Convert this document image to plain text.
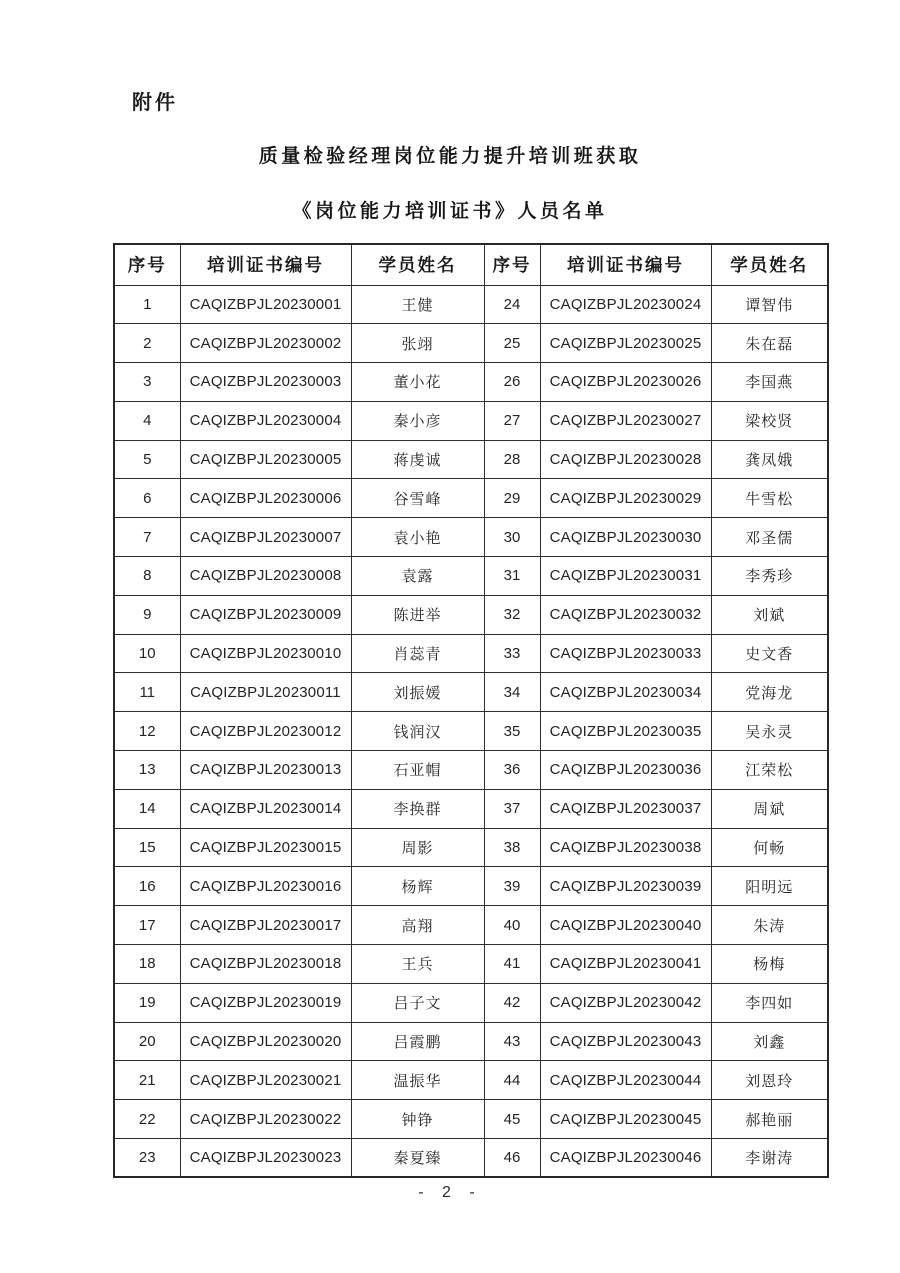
附件
质量检验经理岗位能力提升培训班获取
《岗位能力培训证书》人员名单
序号	培训证书编号	学员姓名	序号	培训证书编号	学员姓名
1	CAQIZBPJL20230001	王健	24	CAQIZBPJL20230024	谭智伟
2	CAQIZBPJL20230002	张翊	25	CAQIZBPJL20230025	朱在磊
3	CAQIZBPJL20230003	董小花	26	CAQIZBPJL20230026	李国燕
4	CAQIZBPJL20230004	秦小彦	27	CAQIZBPJL20230027	梁校贤
5	CAQIZBPJL20230005	蒋虔诚	28	CAQIZBPJL20230028	龚凤娥
6	CAQIZBPJL20230006	谷雪峰	29	CAQIZBPJL20230029	牛雪松
7	CAQIZBPJL20230007	袁小艳	30	CAQIZBPJL20230030	邓圣儒
8	CAQIZBPJL20230008	袁露	31	CAQIZBPJL20230031	李秀珍
9	CAQIZBPJL20230009	陈进举	32	CAQIZBPJL20230032	刘斌
10	CAQIZBPJL20230010	肖蕊青	33	CAQIZBPJL20230033	史文香
11	CAQIZBPJL20230011	刘振媛	34	CAQIZBPJL20230034	党海龙
12	CAQIZBPJL20230012	钱润汉	35	CAQIZBPJL20230035	吴永灵
13	CAQIZBPJL20230013	石亚帽	36	CAQIZBPJL20230036	江荣松
14	CAQIZBPJL20230014	李换群	37	CAQIZBPJL20230037	周斌
15	CAQIZBPJL20230015	周影	38	CAQIZBPJL20230038	何畅
16	CAQIZBPJL20230016	杨辉	39	CAQIZBPJL20230039	阳明远
17	CAQIZBPJL20230017	高翔	40	CAQIZBPJL20230040	朱涛
18	CAQIZBPJL20230018	王兵	41	CAQIZBPJL20230041	杨梅
19	CAQIZBPJL20230019	吕子文	42	CAQIZBPJL20230042	李四如
20	CAQIZBPJL20230020	吕霞鹏	43	CAQIZBPJL20230043	刘鑫
21	CAQIZBPJL20230021	温振华	44	CAQIZBPJL20230044	刘恩玲
22	CAQIZBPJL20230022	钟铮	45	CAQIZBPJL20230045	郝艳丽
23	CAQIZBPJL20230023	秦夏臻	46	CAQIZBPJL20230046	李谢涛
- 2 -
